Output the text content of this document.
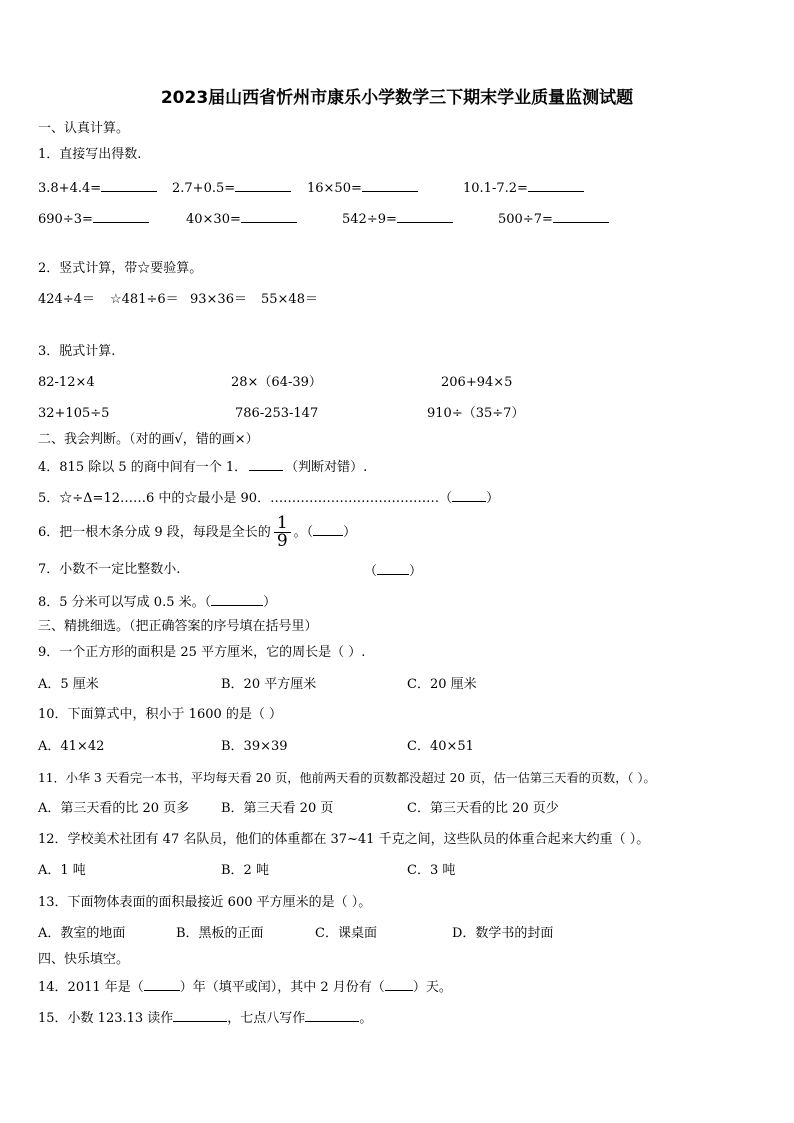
2023届山西省忻州市康乐小学数学三下期末学业质量监测试题
一、认真计算。
1．直接写出得数.
3.8+4.4=	2.7+0.5=	16×50=	10.1-7.2=
690÷3=	40×30=	542÷9=	500÷7=
2．竖式计算，带☆要验算。
424÷4＝ ☆481÷6＝ 93×36＝ 55×48＝
3．脱式计算.
82-12×4	28×（64-39）	206+94×5
32+105÷5	786-253-147	910÷（35÷7）
二、我会判断。（对的画√，错的画×）
4．815 除以 5 的商中间有一个 1．	（判断对错）.
5．☆÷Δ=12……6 中的☆最小是 90．…………………………………（	）
6．把一根木条分成 9 段，每段是全长的 $\frac{1}{9}$ 。（ ）
7．小数不一定比整数小.	（ ）
8．5 分米可以写成 0.5 米。（	）
三、精挑细选。（把正确答案的序号填在括号里）
9．一个正方形的面积是 25 平方厘米，它的周长是（ ）.
A．5 厘米	B．20 平方厘米	C．20 厘米
10．下面算式中，积小于 1600 的是（ ）
A．41×42	B．39×39	C．40×51
11．小华 3 天看完一本书，平均每天看 20 页，他前两天看的页数都没超过 20 页，估一估第三天看的页数，（ ）。
A．第三天看的比 20 页多 B．第三天看 20 页	C．第三天看的比 20 页少
12．学校美术社团有 47 名队员，他们的体重都在 37~41 千克之间，这些队员的体重合起来大约重（ ）。
A．1 吨	B．2 吨	C．3 吨
13．下面物体表面的面积最接近 600 平方厘米的是（ ）。
A．教室的地面	B．黑板的正面	C．课桌面	D．数学书的封面
四、快乐填空。
14．2011 年是（	）年（填平或闰），其中 2 月份有（ ）天。
15．小数 123.13 读作	，七点八写作	。
